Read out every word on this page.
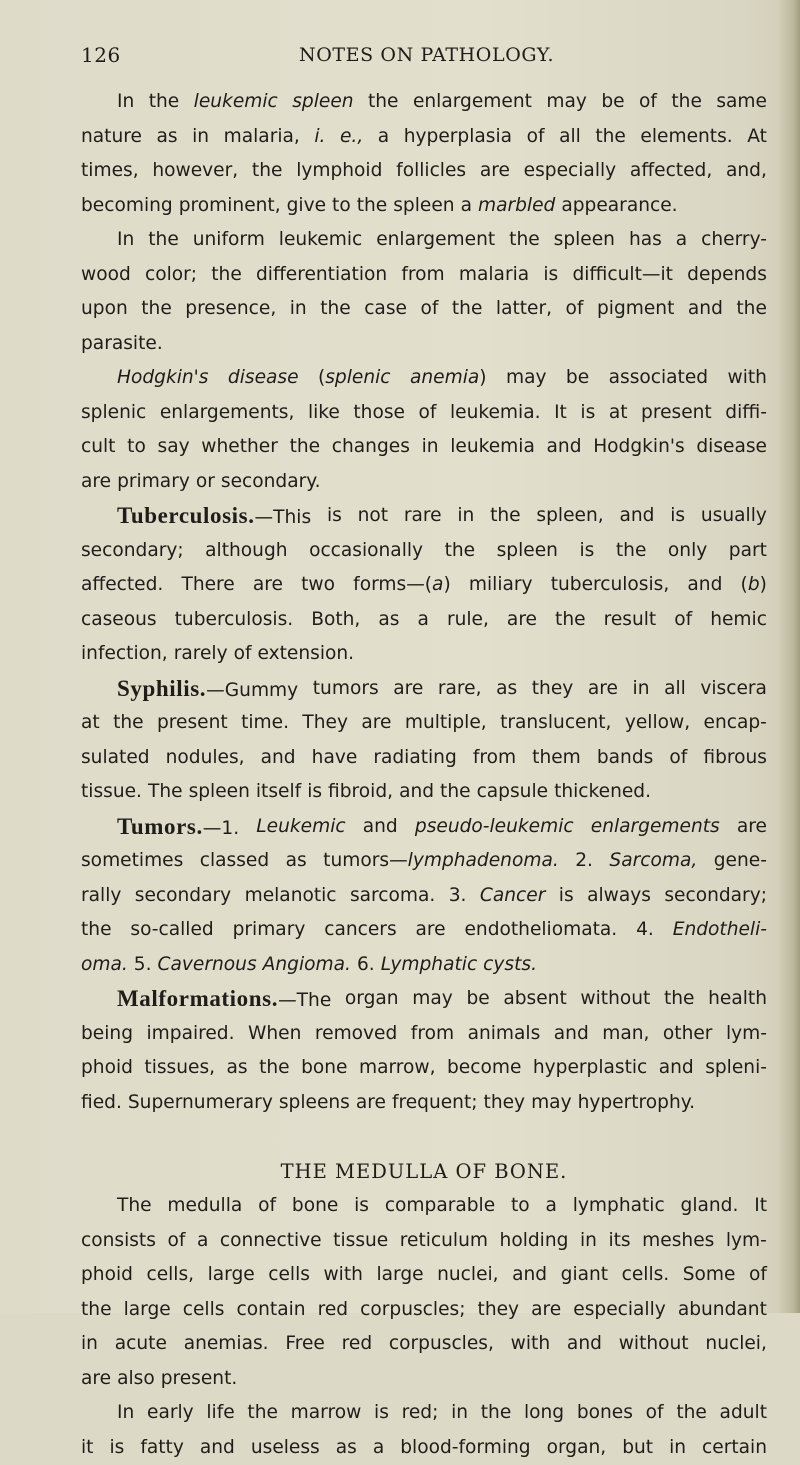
126	NOTES ON PATHOLOGY.
In the leukemic spleen the enlargement may be of the same
nature as in malaria, i. e., a hyperplasia of all the elements. At
times, however, the lymphoid follicles are especially affected, and,
becoming prominent, give to the spleen a marbled appearance.
In the uniform leukemic enlargement the spleen has a cherry-
wood color; the differentiation from malaria is difficult—it depends
upon the presence, in the case of the latter, of pigment and the
parasite.
Hodgkin's disease (splenic anemia) may be associated with
splenic enlargements, like those of leukemia. It is at present diffi-
cult to say whether the changes in leukemia and Hodgkin's disease
are primary or secondary.
Tuberculosis.—This is not rare in the spleen, and is usually
secondary; although occasionally the spleen is the only part
affected. There are two forms—(a) miliary tuberculosis, and (b)
caseous tuberculosis. Both, as a rule, are the result of hemic
infection, rarely of extension.
Syphilis.—Gummy tumors are rare, as they are in all viscera
at the present time. They are multiple, translucent, yellow, encap-
sulated nodules, and have radiating from them bands of fibrous
tissue. The spleen itself is fibroid, and the capsule thickened.
Tumors.—1. Leukemic and pseudo-leukemic enlargements are
sometimes classed as tumors—lymphadenoma. 2. Sarcoma, gene-
rally secondary melanotic sarcoma. 3. Cancer is always secondary;
the so-called primary cancers are endotheliomata. 4. Endotheli-
oma. 5. Cavernous Angioma. 6. Lymphatic cysts.
Malformations.—The organ may be absent without the health
being impaired. When removed from animals and man, other lym-
phoid tissues, as the bone marrow, become hyperplastic and spleni-
fied. Supernumerary spleens are frequent; they may hypertrophy.
THE MEDULLA OF BONE.
The medulla of bone is comparable to a lymphatic gland. It
consists of a connective tissue reticulum holding in its meshes lym-
phoid cells, large cells with large nuclei, and giant cells. Some of
the large cells contain red corpuscles; they are especially abundant
in acute anemias. Free red corpuscles, with and without nuclei,
are also present.
In early life the marrow is red; in the long bones of the adult
it is fatty and useless as a blood-forming organ, but in certain
